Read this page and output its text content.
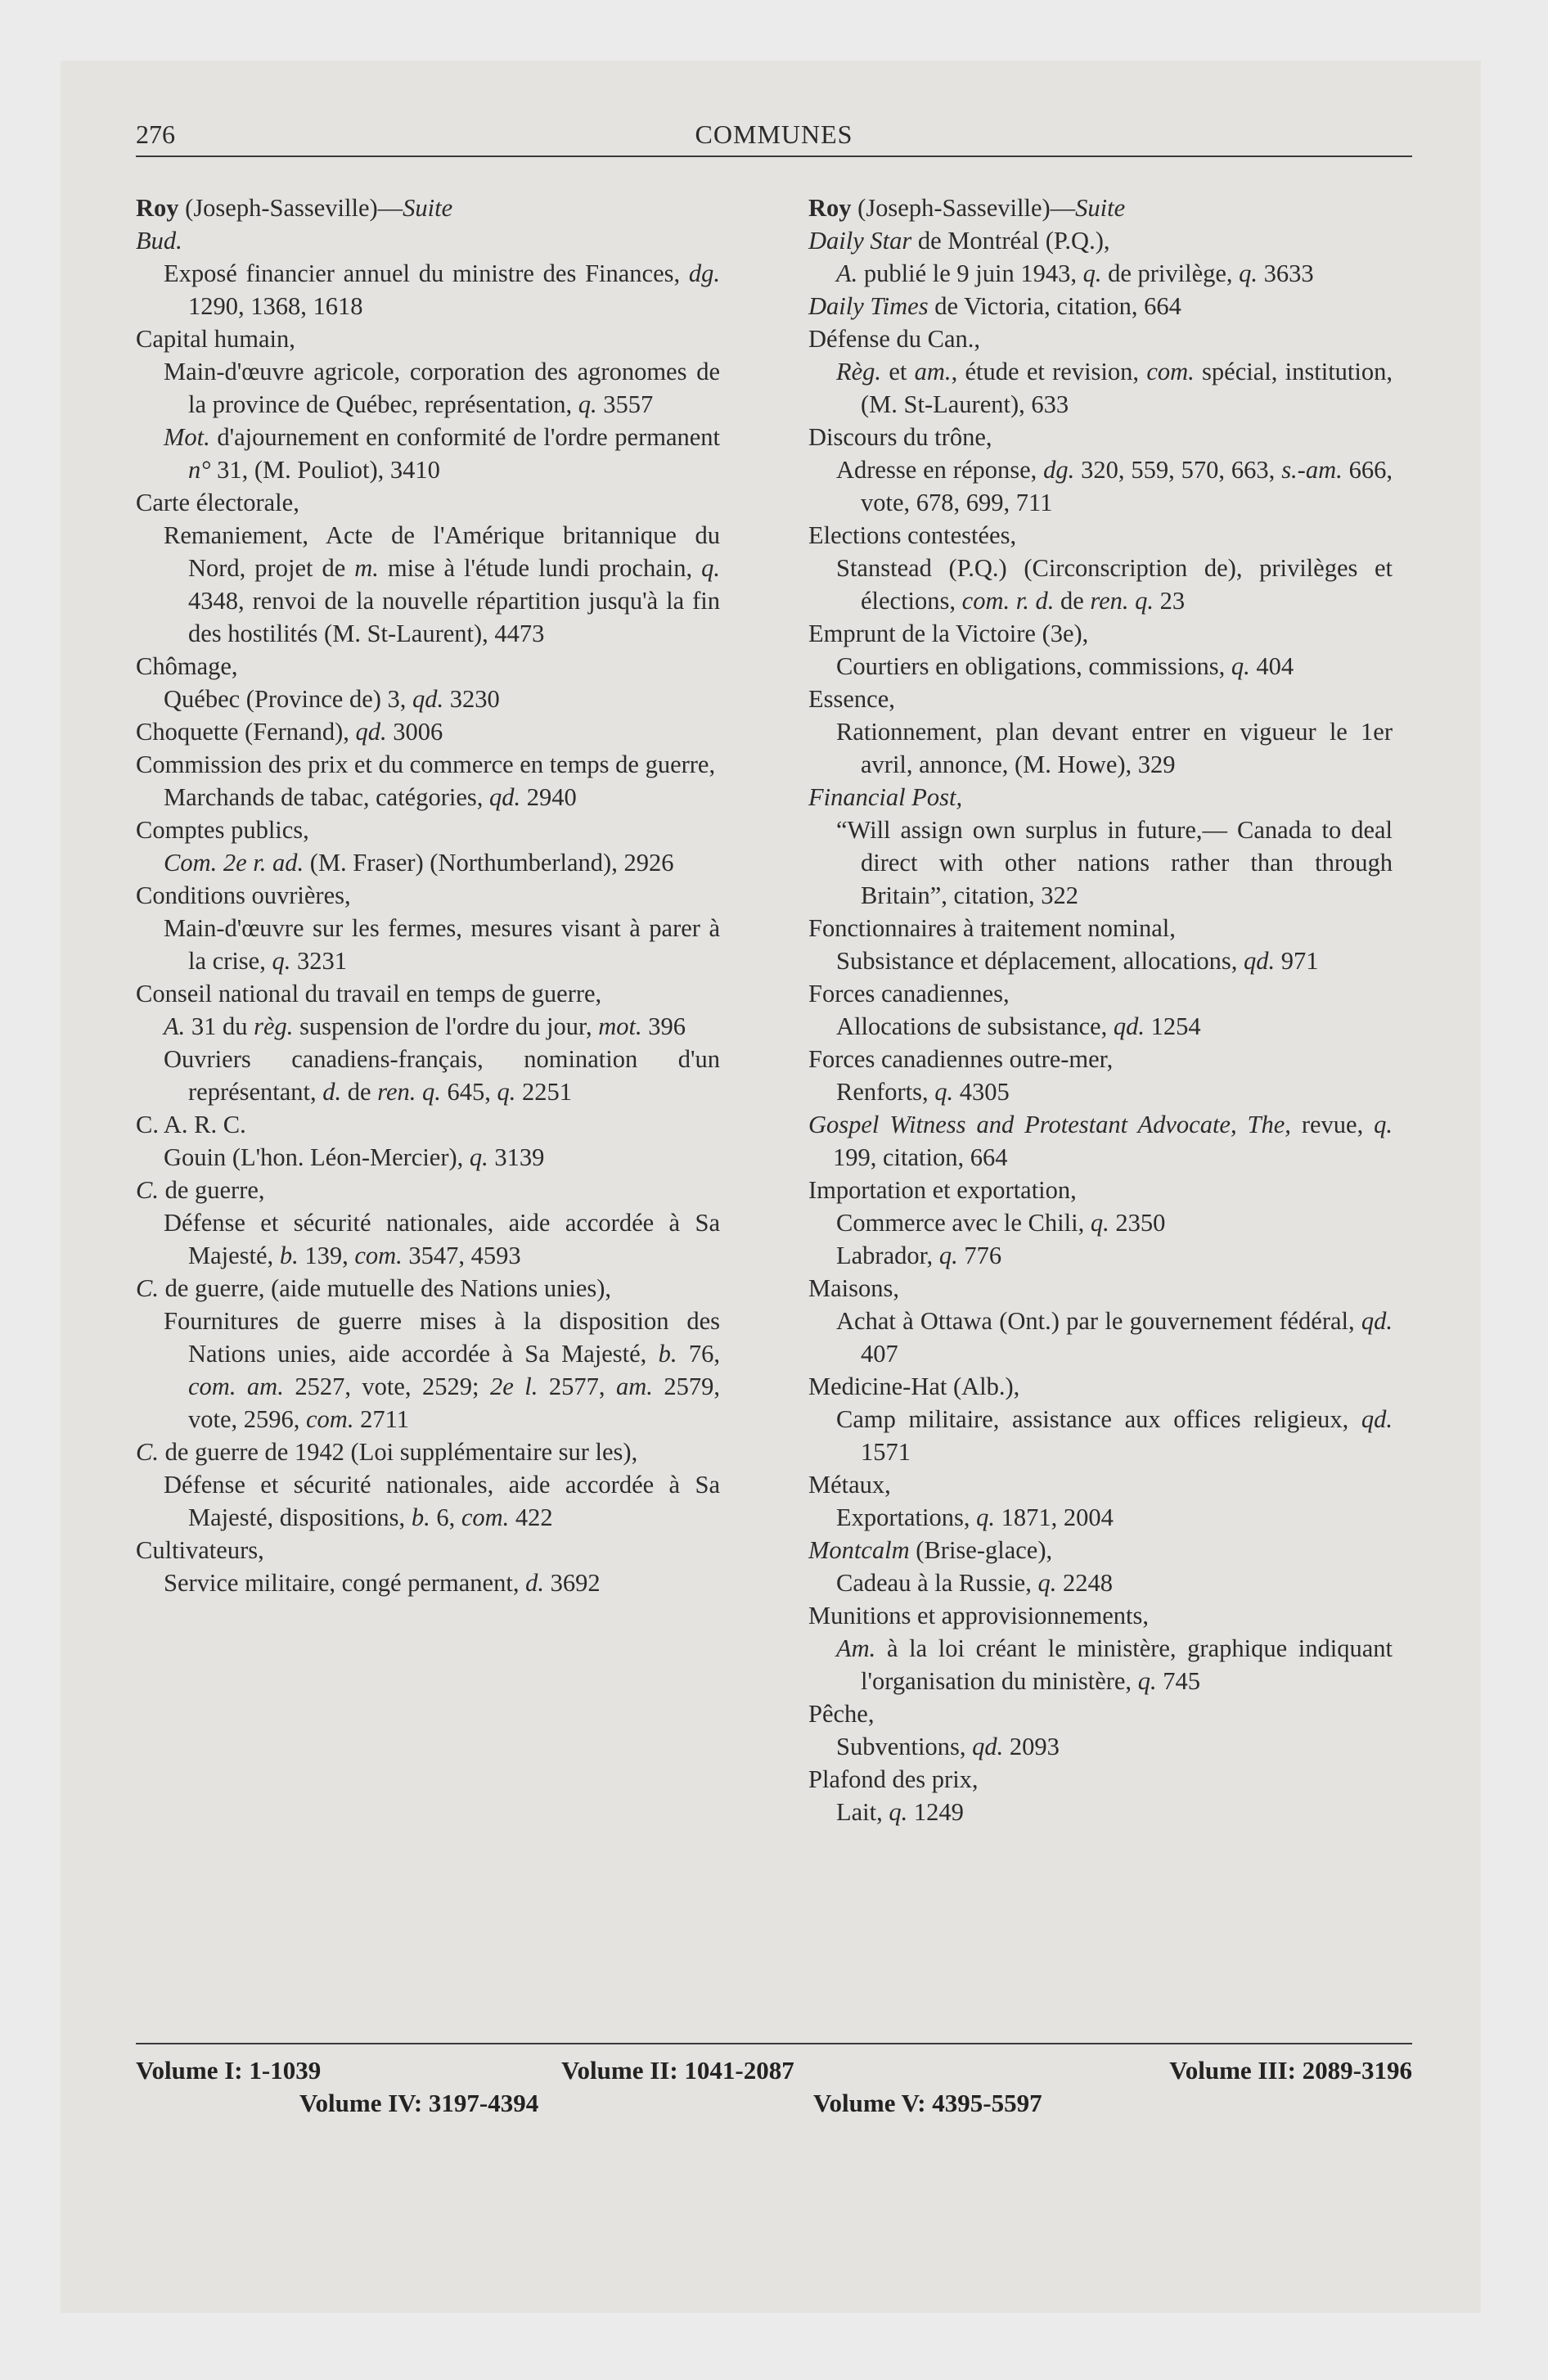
276	COMMUNES
Roy (Joseph-Sasseville)—Suite
Bud.
Exposé financier annuel du ministre des Finances, dg. 1290, 1368, 1618
Capital humain,
Main-d'œuvre agricole, corporation des agronomes de la province de Québec, représentation, q. 3557
Mot. d'ajournement en conformité de l'ordre permanent n° 31, (M. Pouliot), 3410
Carte électorale,
Remaniement, Acte de l'Amérique britannique du Nord, projet de m. mise à l'étude lundi prochain, q. 4348, renvoi de la nouvelle répartition jusqu'à la fin des hostilités (M. St-Laurent), 4473
Chômage,
Québec (Province de) 3, qd. 3230
Choquette (Fernand), qd. 3006
Commission des prix et du commerce en temps de guerre,
Marchands de tabac, catégories, qd. 2940
Comptes publics,
Com. 2e r. ad. (M. Fraser) (Northumberland), 2926
Conditions ouvrières,
Main-d'œuvre sur les fermes, mesures visant à parer à la crise, q. 3231
Conseil national du travail en temps de guerre,
A. 31 du règ. suspension de l'ordre du jour, mot. 396
Ouvriers canadiens-français, nomination d'un représentant, d. de ren. q. 645, q. 2251
C. A. R. C.
Gouin (L'hon. Léon-Mercier), q. 3139
C. de guerre,
Défense et sécurité nationales, aide accordée à Sa Majesté, b. 139, com. 3547, 4593
C. de guerre, (aide mutuelle des Nations unies),
Fournitures de guerre mises à la disposition des Nations unies, aide accordée à Sa Majesté, b. 76, com. am. 2527, vote, 2529; 2e l. 2577, am. 2579, vote, 2596, com. 2711
C. de guerre de 1942 (Loi supplémentaire sur les),
Défense et sécurité nationales, aide accordée à Sa Majesté, dispositions, b. 6, com. 422
Cultivateurs,
Service militaire, congé permanent, d. 3692
Roy (Joseph-Sasseville)—Suite
Daily Star de Montréal (P.Q.),
A. publié le 9 juin 1943, q. de privilège, q. 3633
Daily Times de Victoria, citation, 664
Défense du Can.,
Règ. et am., étude et revision, com. spécial, institution, (M. St-Laurent), 633
Discours du trône,
Adresse en réponse, dg. 320, 559, 570, 663, s.-am. 666, vote, 678, 699, 711
Elections contestées,
Stanstead (P.Q.) (Circonscription de), privilèges et élections, com. r. d. de ren. q. 23
Emprunt de la Victoire (3e),
Courtiers en obligations, commissions, q. 404
Essence,
Rationnement, plan devant entrer en vigueur le 1er avril, annonce, (M. Howe), 329
Financial Post,
“Will assign own surplus in future,— Canada to deal direct with other nations rather than through Britain”, citation, 322
Fonctionnaires à traitement nominal,
Subsistance et déplacement, allocations, qd. 971
Forces canadiennes,
Allocations de subsistance, qd. 1254
Forces canadiennes outre-mer,
Renforts, q. 4305
Gospel Witness and Protestant Advocate, The, revue, q. 199, citation, 664
Importation et exportation,
Commerce avec le Chili, q. 2350
Labrador, q. 776
Maisons,
Achat à Ottawa (Ont.) par le gouvernement fédéral, qd. 407
Medicine-Hat (Alb.),
Camp militaire, assistance aux offices religieux, qd. 1571
Métaux,
Exportations, q. 1871, 2004
Montcalm (Brise-glace),
Cadeau à la Russie, q. 2248
Munitions et approvisionnements,
Am. à la loi créant le ministère, graphique indiquant l'organisation du ministère, q. 745
Pêche,
Subventions, qd. 2093
Plafond des prix,
Lait, q. 1249
Volume I: 1-1039	Volume II: 1041-2087	Volume III: 2089-3196
Volume IV: 3197-4394	Volume V: 4395-5597
